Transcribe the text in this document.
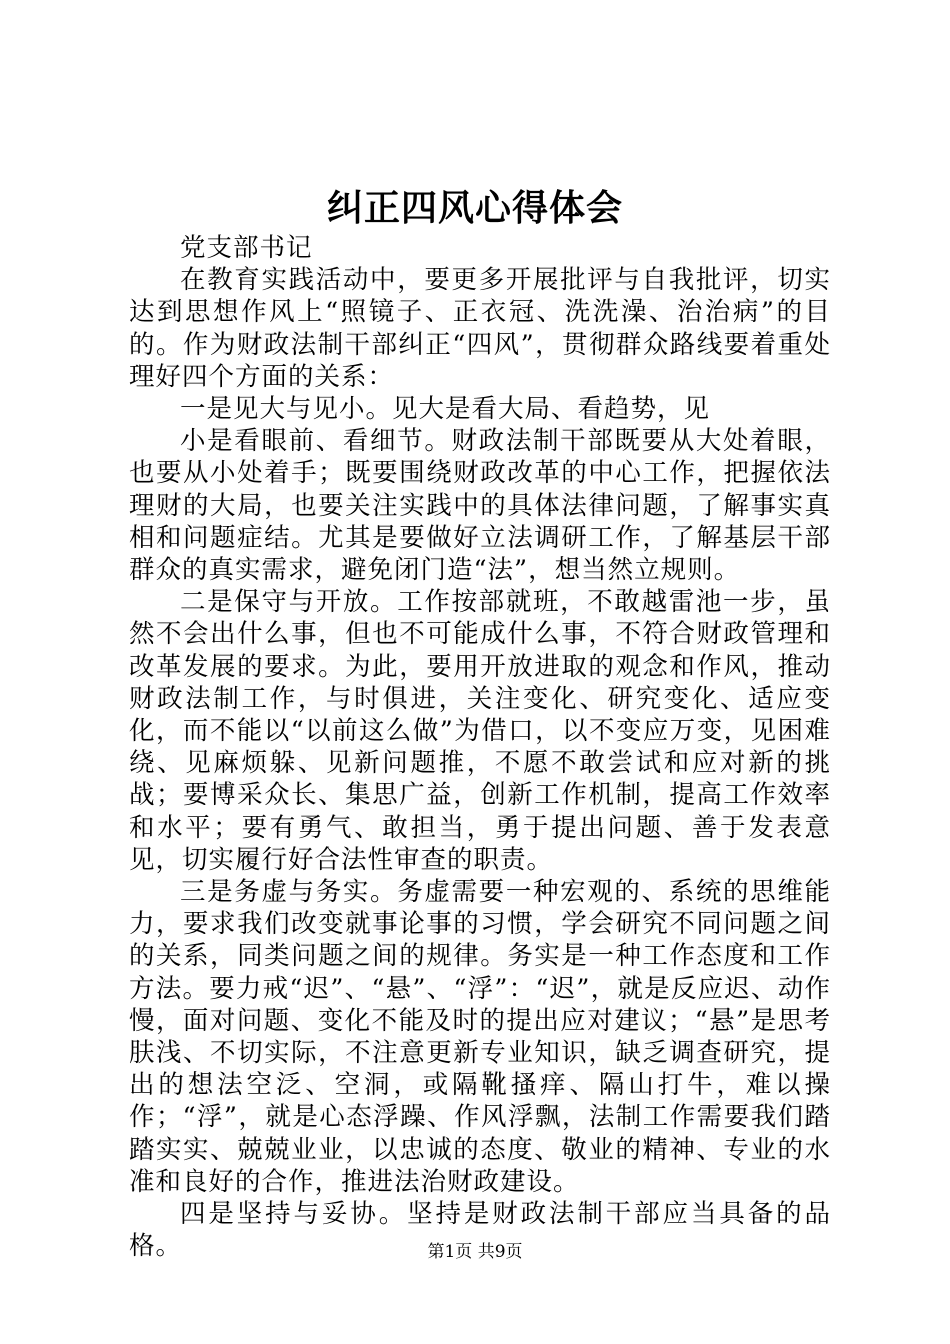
纠正四风心得体会

党支部书记

在教育实践活动中，要更多开展批评与自我批评，切实达到思想作风上“照镜子、正衣冠、洗洗澡、治治病”的目的。作为财政法制干部纠正“四风”，贯彻群众路线要着重处理好四个方面的关系：

一是见大与见小。见大是看大局、看趋势，见

小是看眼前、看细节。财政法制干部既要从大处着眼，也要从小处着手；既要围绕财政改革的中心工作，把握依法理财的大局，也要关注实践中的具体法律问题，了解事实真相和问题症结。尤其是要做好立法调研工作，了解基层干部群众的真实需求，避免闭门造“法”，想当然立规则。

二是保守与开放。工作按部就班，不敢越雷池一步，虽然不会出什么事，但也不可能成什么事，不符合财政管理和改革发展的要求。为此，要用开放进取的观念和作风，推动财政法制工作，与时俱进，关注变化、研究变化、适应变化，而不能以“以前这么做”为借口，以不变应万变，见困难绕、见麻烦躲、见新问题推，不愿不敢尝试和应对新的挑战；要博采众长、集思广益，创新工作机制，提高工作效率和水平；要有勇气、敢担当，勇于提出问题、善于发表意见，切实履行好合法性审查的职责。

三是务虚与务实。务虚需要一种宏观的、系统的思维能力，要求我们改变就事论事的习惯，学会研究不同问题之间的关系，同类问题之间的规律。务实是一种工作态度和工作方法。要力戒“迟”、“悬”、“浮”：“迟”，就是反应迟、动作慢，面对问题、变化不能及时的提出应对建议；“悬”是思考肤浅、不切实际，不注意更新专业知识，缺乏调查研究，提出的想法空泛、空洞，或隔靴搔痒、隔山打牛，难以操作；“浮”，就是心态浮躁、作风浮飘，法制工作需要我们踏踏实实、兢兢业业，以忠诚的态度、敬业的精神、专业的水准和良好的合作，推进法治财政建设。

四是坚持与妥协。坚持是财政法制干部应当具备的品格。	第1页 共9页
